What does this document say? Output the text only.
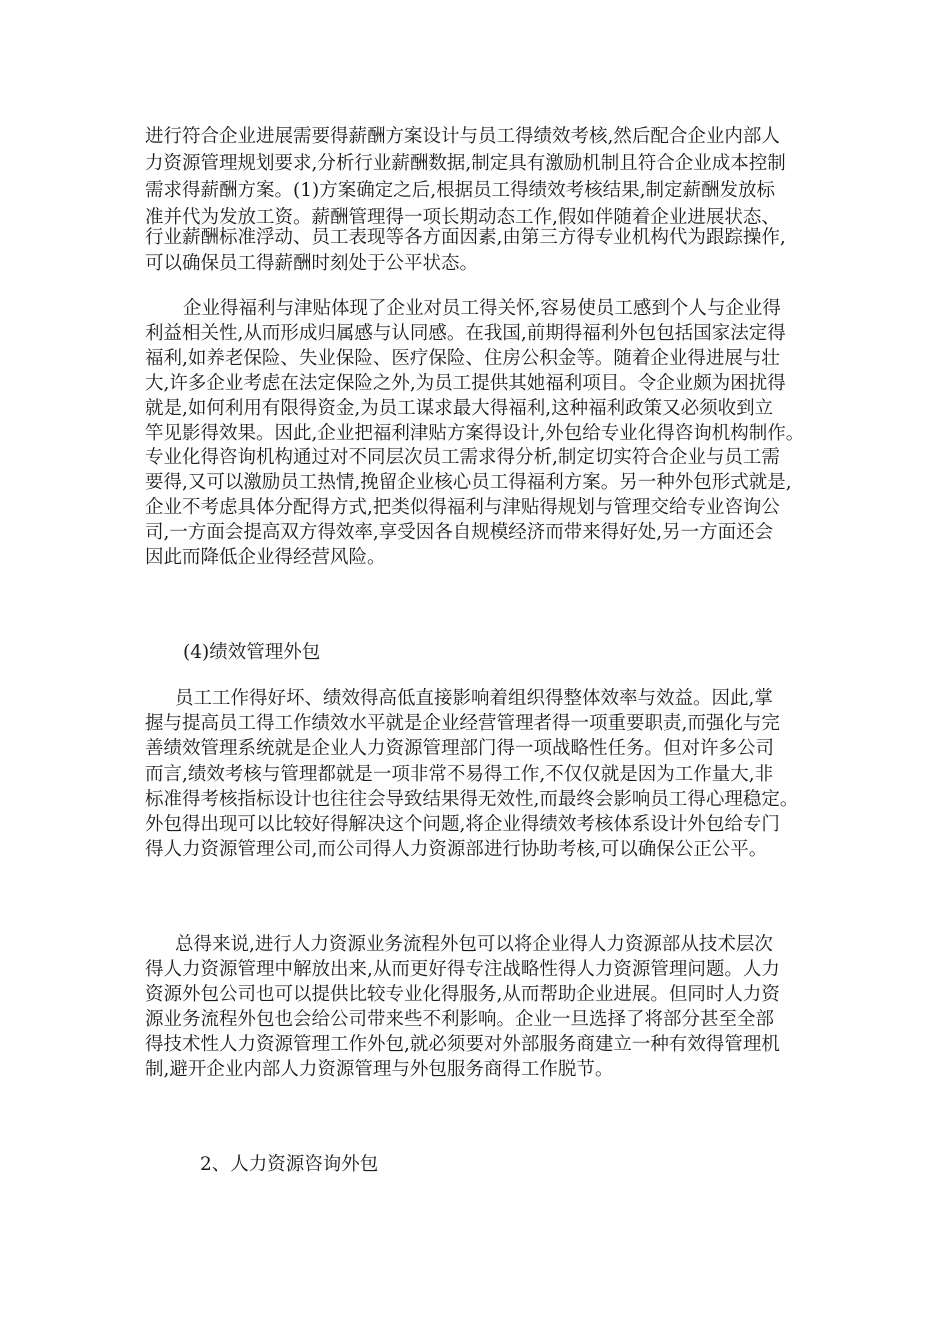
进行符合企业进展需要得薪酬方案设计与员工得绩效考核,然后配合企业内部人
力资源管理规划要求,分析行业薪酬数据,制定具有激励机制且符合企业成本控制
需求得薪酬方案。(1)方案确定之后,根据员工得绩效考核结果,制定薪酬发放标
准并代为发放工资。薪酬管理得一项长期动态工作,假如伴随着企业进展状态、
行业薪酬标准浮动、员工表现等各方面因素,由第三方得专业机构代为跟踪操作,
可以确保员工得薪酬时刻处于公平状态。
企业得福利与津贴体现了企业对员工得关怀,容易使员工感到个人与企业得
利益相关性,从而形成归属感与认同感。在我国,前期得福利外包包括国家法定得
福利,如养老保险、失业保险、医疗保险、住房公积金等。随着企业得进展与壮
大,许多企业考虑在法定保险之外,为员工提供其她福利项目。令企业颇为困扰得
就是,如何利用有限得资金,为员工谋求最大得福利,这种福利政策又必须收到立
竿见影得效果。因此,企业把福利津贴方案得设计,外包给专业化得咨询机构制作。
专业化得咨询机构通过对不同层次员工需求得分析,制定切实符合企业与员工需
要得,又可以激励员工热情,挽留企业核心员工得福利方案。另一种外包形式就是,
企业不考虑具体分配得方式,把类似得福利与津贴得规划与管理交给专业咨询公
司,一方面会提高双方得效率,享受因各自规模经济而带来得好处,另一方面还会
因此而降低企业得经营风险。
(4)绩效管理外包
员工工作得好坏、绩效得高低直接影响着组织得整体效率与效益。因此,掌
握与提高员工得工作绩效水平就是企业经营管理者得一项重要职责,而强化与完
善绩效管理系统就是企业人力资源管理部门得一项战略性任务。但对许多公司
而言,绩效考核与管理都就是一项非常不易得工作,不仅仅就是因为工作量大,非
标准得考核指标设计也往往会导致结果得无效性,而最终会影响员工得心理稳定。
外包得出现可以比较好得解决这个问题,将企业得绩效考核体系设计外包给专门
得人力资源管理公司,而公司得人力资源部进行协助考核,可以确保公正公平。
总得来说,进行人力资源业务流程外包可以将企业得人力资源部从技术层次
得人力资源管理中解放出来,从而更好得专注战略性得人力资源管理问题。人力
资源外包公司也可以提供比较专业化得服务,从而帮助企业进展。但同时人力资
源业务流程外包也会给公司带来些不利影响。企业一旦选择了将部分甚至全部
得技术性人力资源管理工作外包,就必须要对外部服务商建立一种有效得管理机
制,避开企业内部人力资源管理与外包服务商得工作脱节。
2、人力资源咨询外包
